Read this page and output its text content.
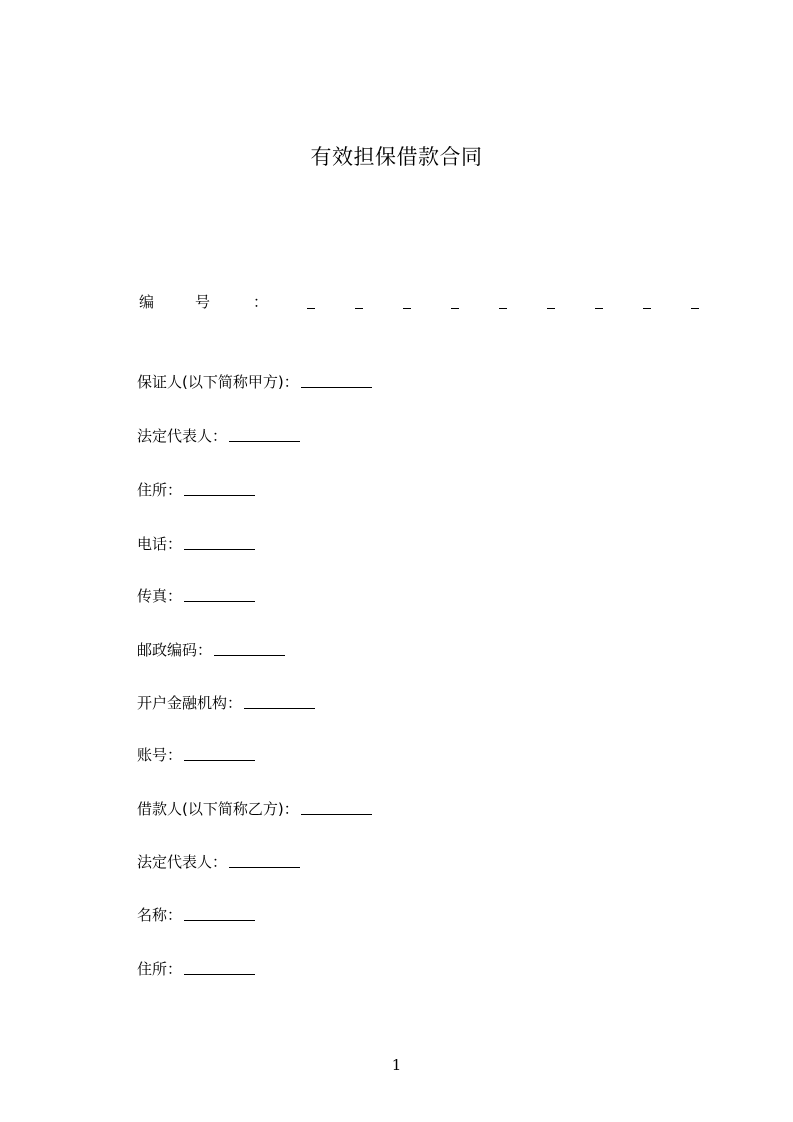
有效担保借款合同
编	号	：
保证人(以下简称甲方)：
法定代表人：
住所：
电话：
传真：
邮政编码：
开户金融机构：
账号：
借款人(以下简称乙方)：
法定代表人：
名称：
住所：
1
